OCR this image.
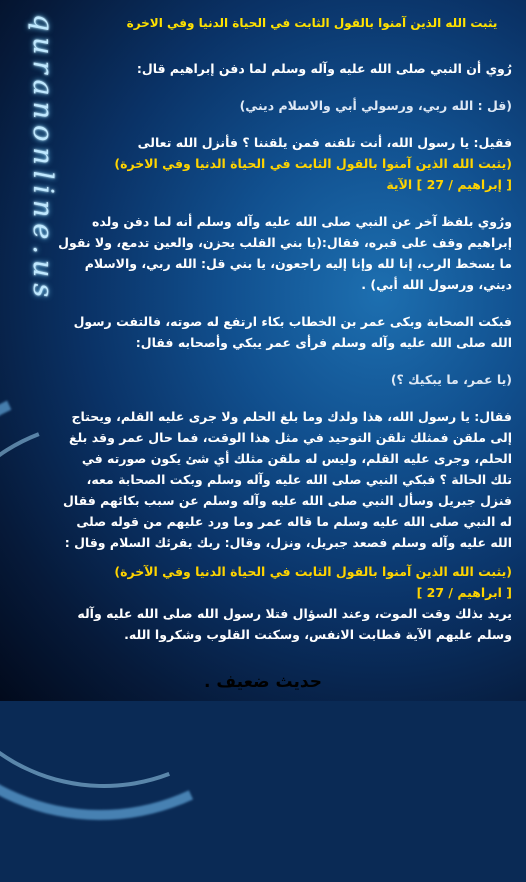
quranonline.us	يثبت الله الذين آمنوا بالقول الثابت في الحياة الدنيا وفي الاخرة

رُوي أن النبي صلى الله عليه وآله وسلم لما دفن إبراهيم قال:

(قل : الله ربي، ورسولي أبي والاسلام ديني)

فقيل: يا رسول الله، أنت تلقنه فمن يلقننا ؟ فأنزل الله تعالى

(يثبت الله الذين آمنوا بالقول الثابت في الحياة الدنيا وفي الاخرة)

[ إبراهيم / 27 ] الآية

ورُوي بلفظ آخر عن النبي صلى الله عليه وآله وسلم أنه لما دفن ولده إبراهيم وقف على قبره، فقال:(يا بني القلب يحزن، والعين تدمع، ولا نقول ما يسخط الرب، إنا لله وإنا إليه راجعون، يا بني قل: الله ربي، والاسلام ديني، ورسول الله أبي) .

فبكت الصحابة وبكى عمر بن الخطاب بكاء ارتفع له صوته، فالتفت رسول الله صلى الله عليه وآله وسلم فرأى عمر يبكي وأصحابه فقال:

(يا عمر، ما يبكيك ؟)

فقال: يا رسول الله، هذا ولدك وما بلغ الحلم ولا جرى عليه القلم، ويحتاج إلى ملقن فمثلك تلقن التوحيد في مثل هذا الوقت، فما حال عمر وقد بلغ الحلم، وجرى عليه القلم، وليس له ملقن مثلك أي شئ يكون صورته في تلك الحالة ؟ فبكي النبي صلى الله عليه وآله وسلم وبكت الصحابة معه، فنزل جبريل وسأل النبي صلى الله عليه وآله وسلم عن سبب بكائهم فقال له النبي صلى الله عليه وسلم ما قاله عمر وما ورد عليهم من قوله صلى الله عليه وآله وسلم فصعد جبريل، ونزل، وقال: ربك يقرئك السلام وقال :

(يثبت الله الذين آمنوا بالقول الثابت في الحياة الدنيا وفي الآخرة)

[ ابراهيم / 27 ]

يريد بذلك وقت الموت، وعند السؤال فتلا رسول الله صلى الله عليه وآله وسلم عليهم الآية فطابت الانفس، وسكنت القلوب وشكروا الله.

حديث ضعيف .
